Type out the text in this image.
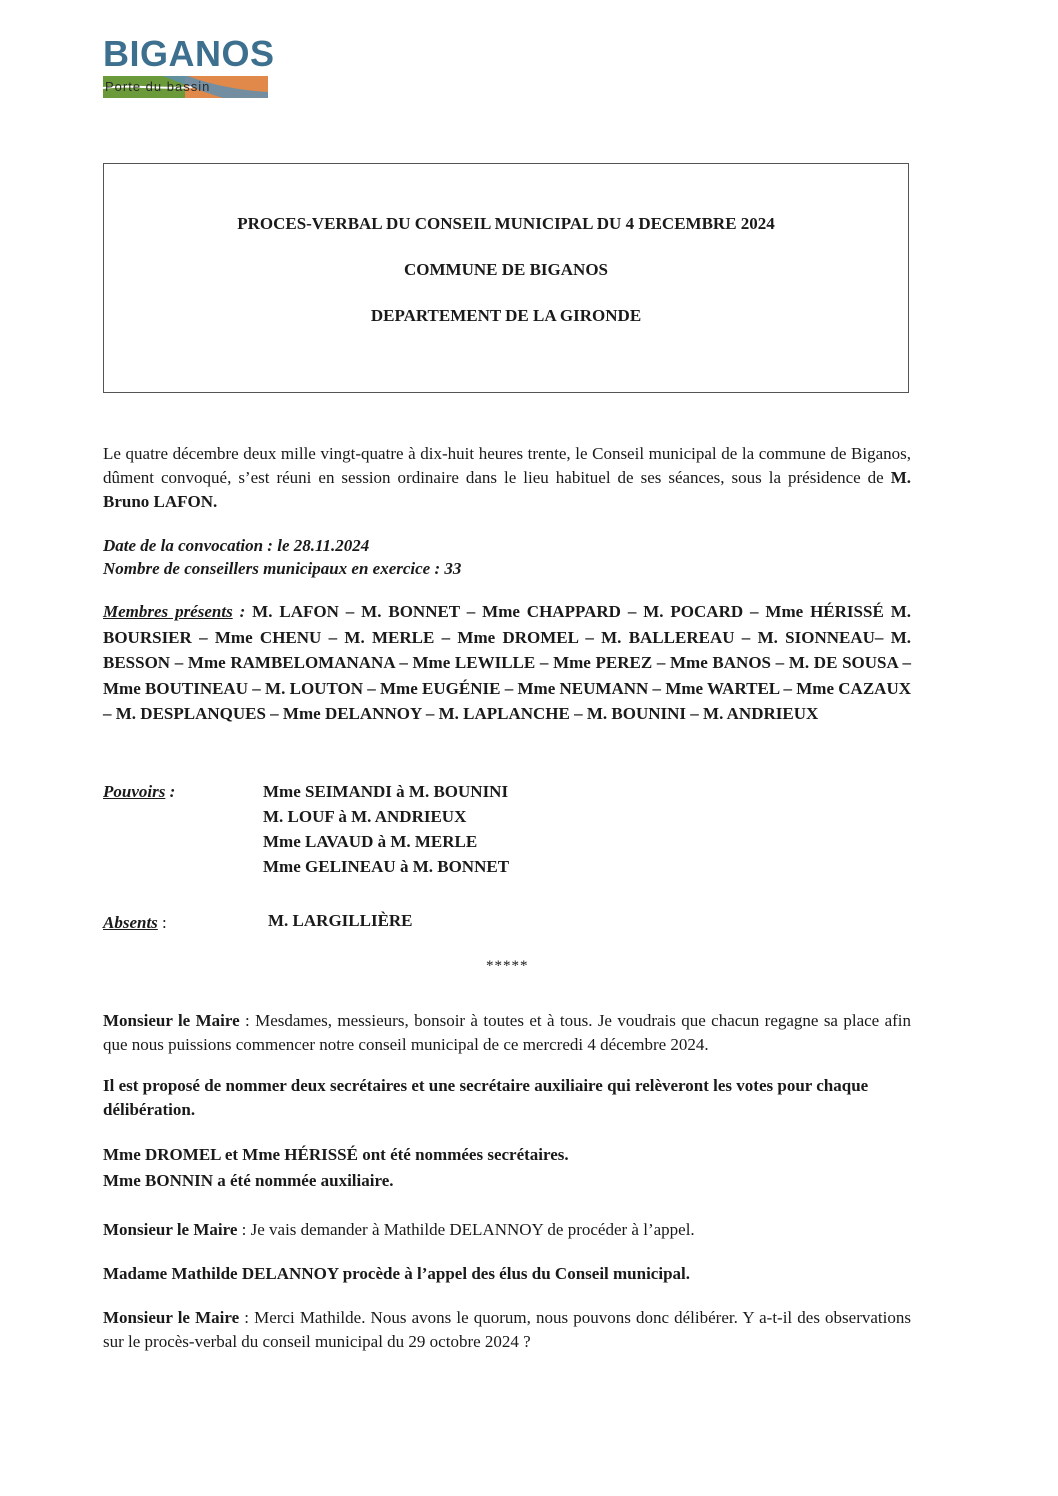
BIGANOS
Porte du bassin
PROCES-VERBAL DU CONSEIL MUNICIPAL DU 4 DECEMBRE 2024
COMMUNE DE BIGANOS
DEPARTEMENT DE LA GIRONDE
Le quatre décembre deux mille vingt-quatre à dix-huit heures trente, le Conseil municipal de la commune de Biganos, dûment convoqué, s’est réuni en session ordinaire dans le lieu habituel de ses séances, sous la présidence de M. Bruno LAFON.
Date de la convocation : le 28.11.2024
Nombre de conseillers municipaux en exercice : 33
Membres présents : M. LAFON – M. BONNET – Mme CHAPPARD – M. POCARD – Mme HÉRISSÉ M. BOURSIER – Mme CHENU – M. MERLE – Mme DROMEL – M. BALLEREAU – M. SIONNEAU– M. BESSON – Mme RAMBELOMANANA – Mme LEWILLE – Mme PEREZ – Mme BANOS – M. DE SOUSA – Mme BOUTINEAU – M. LOUTON – Mme EUGÉNIE – Mme NEUMANN – Mme WARTEL – Mme CAZAUX – M. DESPLANQUES – Mme DELANNOY – M. LAPLANCHE – M. BOUNINI – M. ANDRIEUX
Pouvoirs :	Mme SEIMANDI à M. BOUNINI
M. LOUF à M. ANDRIEUX
Mme LAVAUD à M. MERLE
Mme GELINEAU à M. BONNET
Absents :	M. LARGILLIÈRE
*****
Monsieur le Maire : Mesdames, messieurs, bonsoir à toutes et à tous. Je voudrais que chacun regagne sa place afin que nous puissions commencer notre conseil municipal de ce mercredi 4 décembre 2024.
Il est proposé de nommer deux secrétaires et une secrétaire auxiliaire qui relèveront les votes pour chaque délibération.
Mme DROMEL et Mme HÉRISSÉ ont été nommées secrétaires.
Mme BONNIN a été nommée auxiliaire.
Monsieur le Maire : Je vais demander à Mathilde DELANNOY de procéder à l’appel.
Madame Mathilde DELANNOY procède à l’appel des élus du Conseil municipal.
Monsieur le Maire : Merci Mathilde. Nous avons le quorum, nous pouvons donc délibérer. Y a-t-il des observations sur le procès-verbal du conseil municipal du 29 octobre 2024 ?
